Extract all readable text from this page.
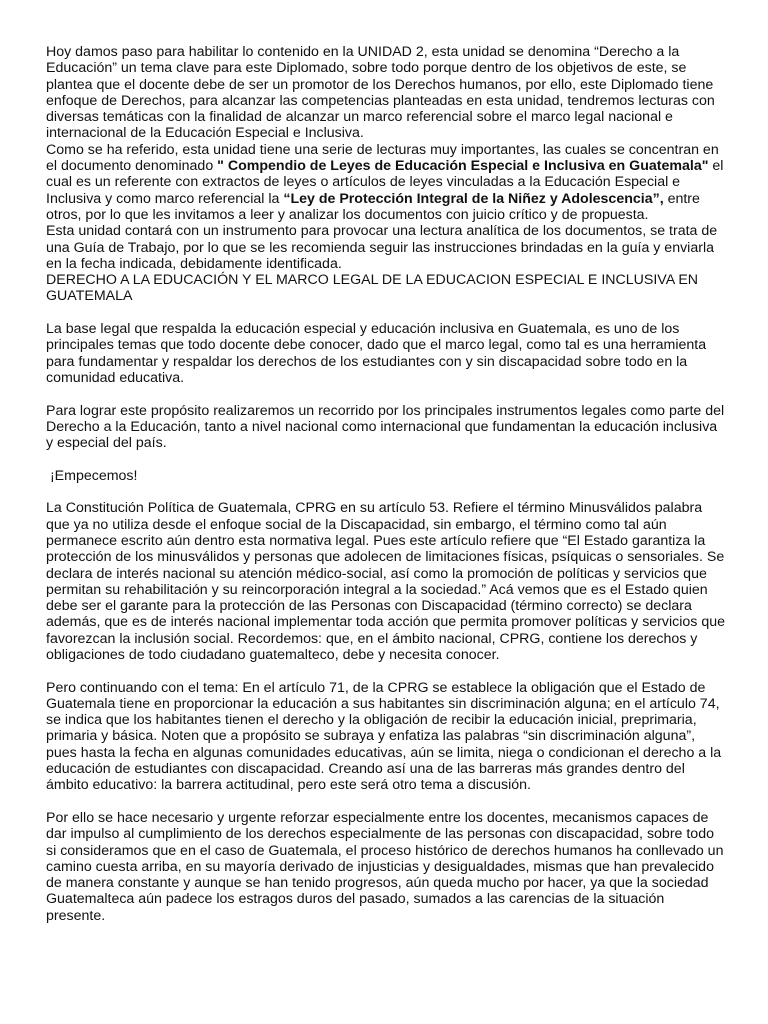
Hoy damos paso para habilitar lo contenido en la UNIDAD 2, esta unidad se denomina “Derecho a la Educación” un tema clave para este Diplomado, sobre todo porque dentro de los objetivos de este, se plantea que el docente debe de ser un promotor de los Derechos humanos, por ello, este Diplomado tiene enfoque de Derechos, para alcanzar las competencias planteadas en esta unidad, tendremos lecturas con diversas temáticas con la finalidad de alcanzar un marco referencial sobre el marco legal nacional e internacional de la Educación Especial e Inclusiva.

Como se ha referido, esta unidad tiene una serie de lecturas muy importantes, las cuales se concentran en el documento denominado " Compendio de Leyes de Educación Especial e Inclusiva en Guatemala" el cual es un referente con extractos de leyes o artículos de leyes vinculadas a la Educación Especial e Inclusiva y como marco referencial la “Ley de Protección Integral de la Niñez y Adolescencia”, entre otros, por lo que les invitamos a leer y analizar los documentos con juicio crítico y de propuesta.

Esta unidad contará con un instrumento para provocar una lectura analítica de los documentos, se trata de una Guía de Trabajo, por lo que se les recomienda seguir las instrucciones brindadas en la guía y enviarla en la fecha indicada, debidamente identificada.

DERECHO A LA EDUCACIÓN Y EL MARCO LEGAL DE LA EDUCACION ESPECIAL E INCLUSIVA EN GUATEMALA

La base legal que respalda la educación especial y educación inclusiva en Guatemala, es uno de los principales temas que todo docente debe conocer, dado que el marco legal, como tal es una herramienta para fundamentar y respaldar los derechos de los estudiantes con y sin discapacidad sobre todo en la comunidad educativa.

Para lograr este propósito realizaremos un recorrido por los principales instrumentos legales como parte del Derecho a la Educación, tanto a nivel nacional como internacional que fundamentan la educación inclusiva y especial del país.

¡Empecemos!

La Constitución Política de Guatemala, CPRG en su artículo 53. Refiere el término Minusválidos palabra que ya no utiliza desde el enfoque social de la Discapacidad, sin embargo, el término como tal aún permanece escrito aún dentro esta normativa legal. Pues este artículo refiere que “El Estado garantiza la protección de los minusválidos y personas que adolecen de limitaciones físicas, psíquicas o sensoriales. Se declara de interés nacional su atención médico-social, así como la promoción de políticas y servicios que permitan su rehabilitación y su reincorporación integral a la sociedad.” Acá vemos que es el Estado quien debe ser el garante para la protección de las Personas con Discapacidad (término correcto) se declara además, que es de interés nacional implementar toda acción que permita promover políticas y servicios que favorezcan la inclusión social. Recordemos: que, en el ámbito nacional, CPRG, contiene los derechos y obligaciones de todo ciudadano guatemalteco, debe y necesita conocer.

Pero continuando con el tema: En el artículo 71, de la CPRG se establece la obligación que el Estado de Guatemala tiene en proporcionar la educación a sus habitantes sin discriminación alguna; en el artículo 74, se indica que los habitantes tienen el derecho y la obligación de recibir la educación inicial, preprimaria, primaria y básica. Noten que a propósito se subraya y enfatiza las palabras “sin discriminación alguna”, pues hasta la fecha en algunas comunidades educativas, aún se limita, niega o condicionan el derecho a la educación de estudiantes con discapacidad. Creando así una de las barreras más grandes dentro del ámbito educativo: la barrera actitudinal, pero este será otro tema a discusión.

Por ello se hace necesario y urgente reforzar especialmente entre los docentes, mecanismos capaces de dar impulso al cumplimiento de los derechos especialmente de las personas con discapacidad, sobre todo si consideramos que en el caso de Guatemala, el proceso histórico de derechos humanos ha conllevado un camino cuesta arriba, en su mayoría derivado de injusticias y desigualdades, mismas que han prevalecido de manera constante y aunque se han tenido progresos, aún queda mucho por hacer, ya que la sociedad Guatemalteca aún padece los estragos duros del pasado, sumados a las carencias de la situación presente.
